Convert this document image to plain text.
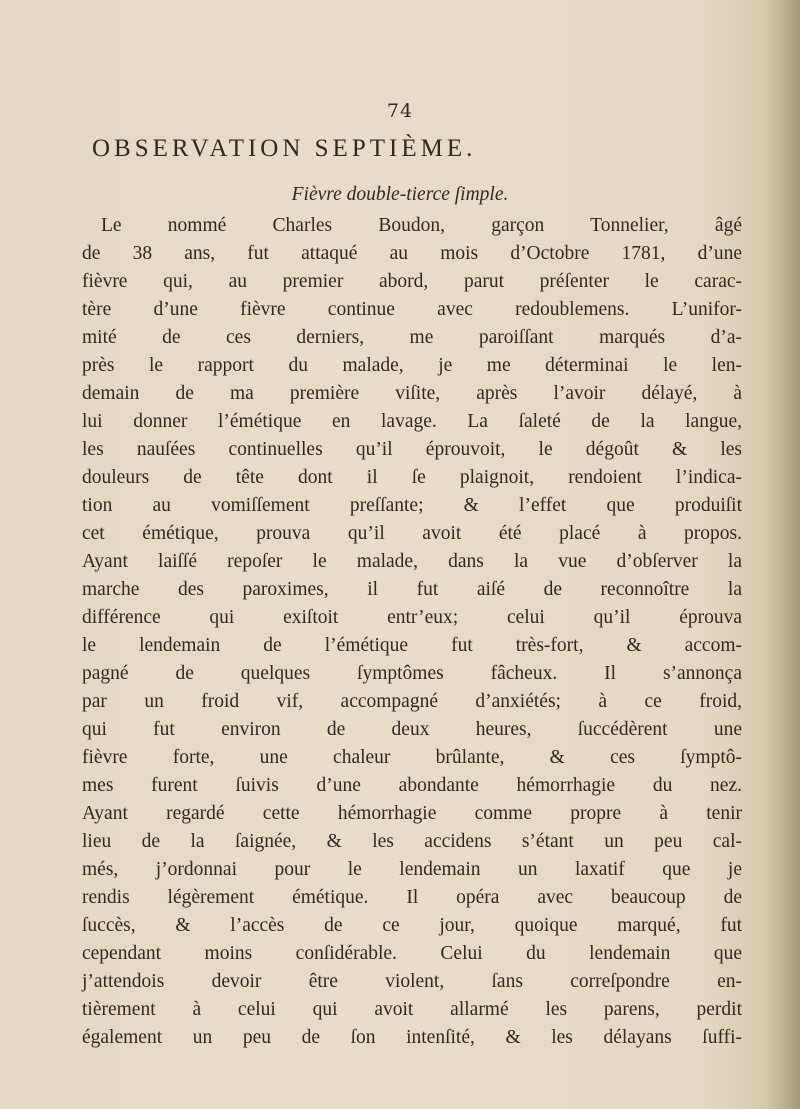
74
OBSERVATION SEPTIÈME.
Fièvre double-tierce ſimple.
Le nommé Charles Boudon, garçon Tonnelier, âgé
de 38 ans, fut attaqué au mois d’Octobre 1781, d’une
fièvre qui, au premier abord, parut préſenter le carac-
tère d’une fièvre continue avec redoublemens. L’unifor-
mité de ces derniers, me paroiſſant marqués d’a-
près le rapport du malade, je me déterminai le len-
demain de ma première viſite, après l’avoir délayé, à
lui donner l’émétique en lavage. La ſaleté de la langue,
les nauſées continuelles qu’il éprouvoit, le dégoût & les
douleurs de tête dont il ſe plaignoit, rendoient l’indica-
tion au vomiſſement preſſante; & l’effet que produiſit
cet émétique, prouva qu’il avoit été placé à propos.
Ayant laiſſé repoſer le malade, dans la vue d’obſerver la
marche des paroximes, il fut aiſé de reconnoître la
différence qui exiſtoit entr’eux; celui qu’il éprouva
le lendemain de l’émétique fut très-fort, & accom-
pagné de quelques ſymptômes fâcheux. Il s’annonça
par un froid vif, accompagné d’anxiétés; à ce froid,
qui fut environ de deux heures, ſuccédèrent une
fièvre forte, une chaleur brûlante, & ces ſymptô-
mes furent ſuivis d’une abondante hémorrhagie du nez.
Ayant regardé cette hémorrhagie comme propre à tenir
lieu de la ſaignée, & les accidens s’étant un peu cal-
més, j’ordonnai pour le lendemain un laxatif que je
rendis légèrement émétique. Il opéra avec beaucoup de
ſuccès, & l’accès de ce jour, quoique marqué, fut
cependant moins conſidérable. Celui du lendemain que
j’attendois devoir être violent, ſans correſpondre en-
tièrement à celui qui avoit allarmé les parens, perdit
également un peu de ſon intenſité, & les délayans ſuffi-
